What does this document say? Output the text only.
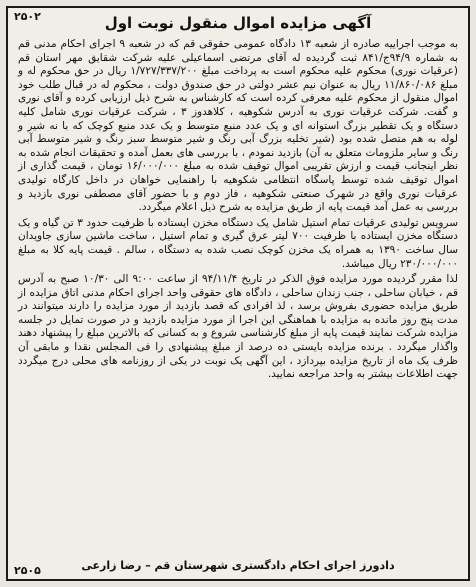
۲۵۰۲	آگهی مزایده اموال منقول نوبت اول

به موجب اجراییه صادره از شعبه ۱۳ دادگاه عمومی حقوقی قم که در شعبه ۹ اجرای احکام مدنی قم به شماره ۹۴/۹ج/۸۴۱ ثبت گردیده له آقای مرتضی اسماعیلی علیه شرکت شقایق مهر استان قم (عرقیات نوری) محکوم علیه محکوم است به پرداخت مبلغ ۱/۷۲۷/۳۳۷/۲۰۰ ریال در حق محکوم له و مبلغ ۱۱/۸۶۰/۰۸۶ ریال به عنوان نیم عشر دولتی در حق صندوق دولت ، محکوم له در قبال طلب خود اموال منقول از محکوم علیه معرفی کرده است که کارشناس به شرح ذیل ارزیابی کرده و آقای نوری و گفت. شرکت عرقیات نوری به آدرس شکوهیه ، کلاهدوز ۳ ، شرکت عرقیات نوری شامل کلیه دستگاه و یک تقطیر بزرگ استوانه ای و یک عدد منبع متوسط و یک عدد منبع کوچک که با نه شیر و لوله به هم متصل شده بود (شیر تخلیه بزرگ آبی رنگ و شیر متوسط سبز رنگ و شیر متوسط آبی رنگ و سایر ملزومات متعلق به آن) بازدید نمودم ، با بررسی های بعمل آمده و تحقیقات انجام شده به نظر اینجانب قیمت و ارزش تقریبی اموال توقیف شده به مبلغ ۱۶/۰۰۰/۰۰۰ تومان ، قیمت گذاری از اموال توقیف شده توسط پاسگاه انتظامی شکوهیه با راهنمایی خواهان در داخل کارگاه تولیدی عرقیات نوری واقع در شهرک صنعتی شکوهیه ، فاز دوم و با حضور آقای مصطفی نوری بازدید و بررسی به عمل آمد قیمت پایه از طریق مزایده به شرح ذیل اعلام میگردد.

سرویس تولیدی عرقیات تمام استیل شامل یک دستگاه مخزن ایستاده با ظرفیت حدود ۳ تن گیاه و یک دستگاه مخزن ایستاده با ظرفیت ۷۰۰ لیتر عرق گیری و تمام استیل ، ساخت ماشین سازی جاویدان سال ساخت ۱۳۹۰ به همراه یک مخزن کوچک نصب شده به دستگاه ، سالم . قیمت پایه کلا به مبلغ ۲۳۰/۰۰۰/۰۰۰ ریال میباشد.

لذا مقرر گردیده مورد مزایده فوق الذکر در تاریخ ۹۴/۱۱/۴ از ساعت ۹:۰۰ الی ۱۰/۳۰ صبح به آدرس قم ، خیابان ساحلی ، جنب زندان ساحلی ، دادگاه های حقوقی واحد اجرای احکام مدنی اتاق مزایده از طریق مزایده حضوری بفروش برسد ، لذ افرادی که قصد بازدید از مورد مزایده را دارند میتوانند در مدت پنج روز مانده به مزایده با هماهنگی این اجرا از مورد مزایده بازدید و در صورت تمایل در جلسه مزایده شرکت نمایند قیمت پایه از مبلغ کارشناسی شروع و به کسانی که بالاترین مبلغ را پیشنهاد دهند واگذار میگردد . برنده مزایده بایستی ده درصد از مبلغ پیشنهادی را فی المجلس نقدا و مابقی آن ظرف یک ماه از تاریخ مزایده بپردازد ، این آگهی یک نوبت در یکی از روزنامه های محلی درج میگردد جهت اطلاعات بیشتر به واحد مراجعه نمایید.

دادورز اجرای احکام دادگستری شهرستان قم – رضا زارعی
۲۵۰۵
